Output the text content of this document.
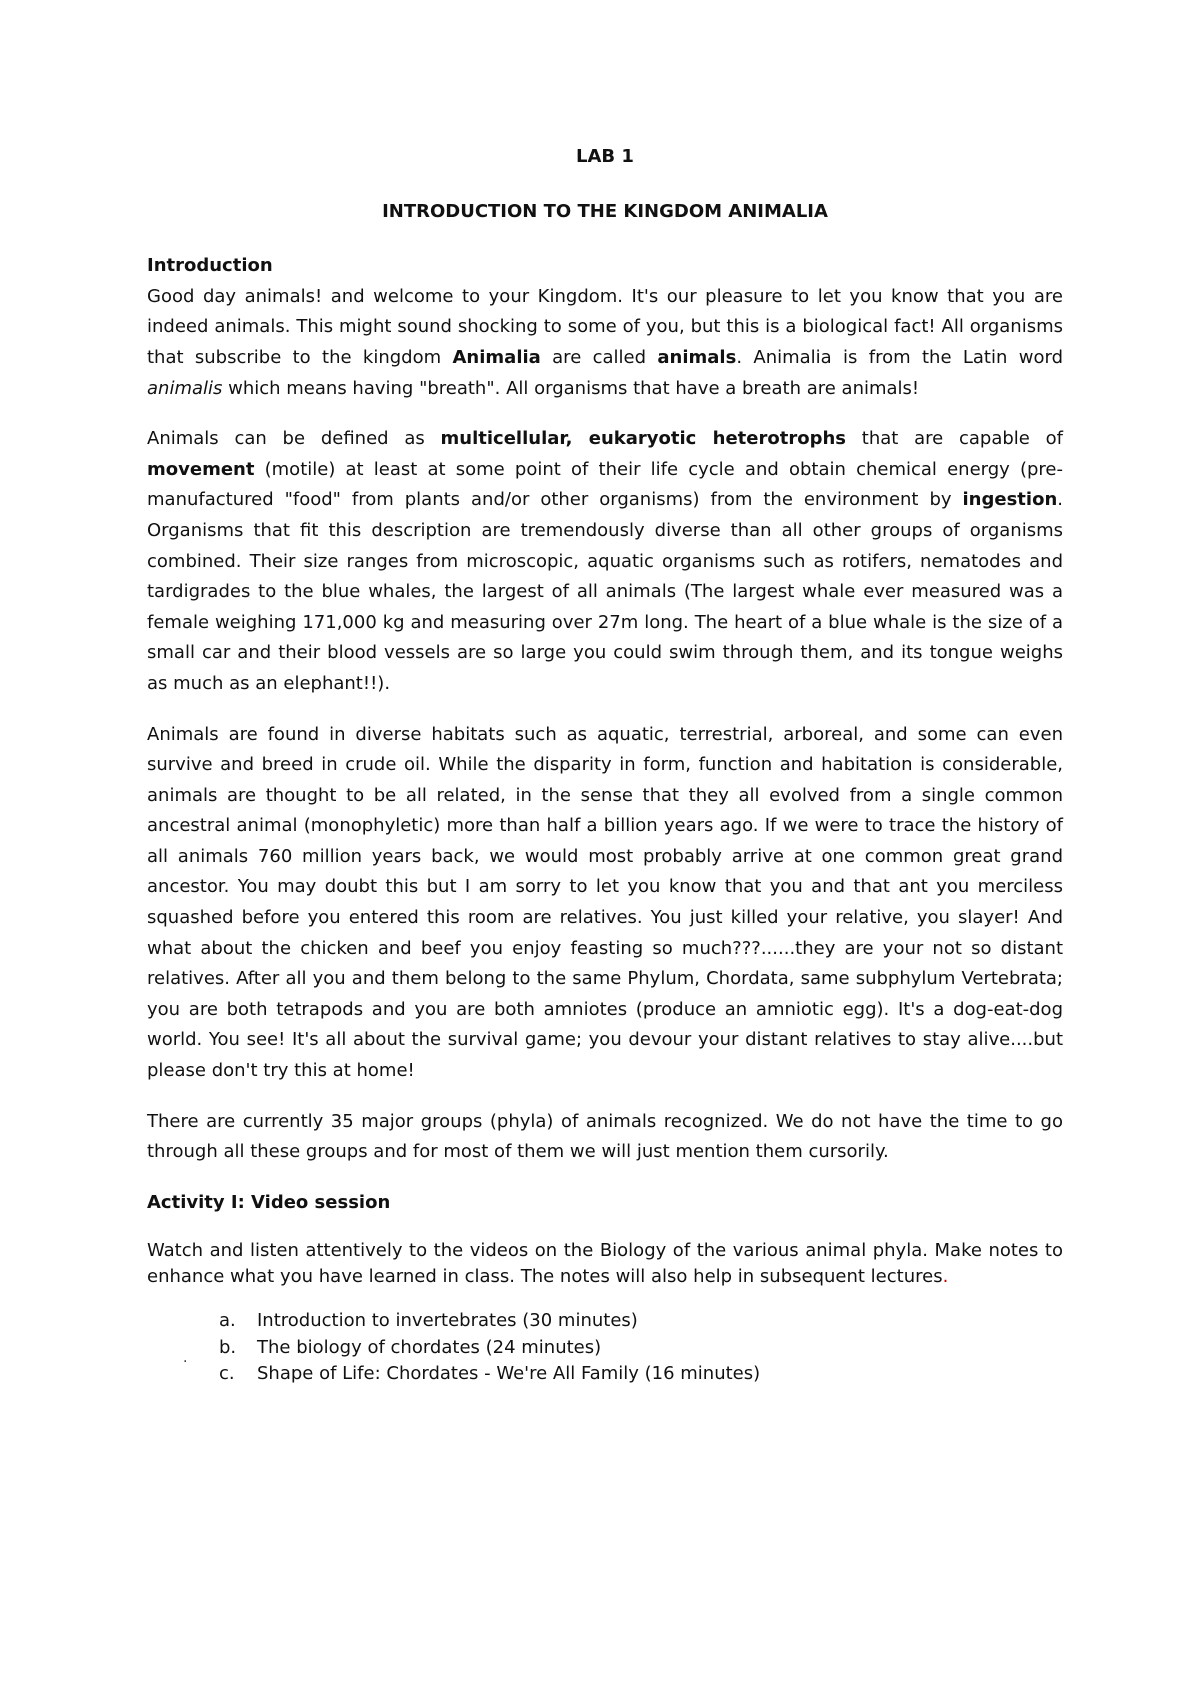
LAB 1
INTRODUCTION TO THE KINGDOM ANIMALIA
Introduction

Good day animals! and welcome to your Kingdom. It's our pleasure to let you know that you are indeed animals. This might sound shocking to some of you, but this is a biological fact! All organisms that subscribe to the kingdom Animalia are called animals. Animalia is from the Latin word animalis which means having "breath". All organisms that have a breath are animals!

Animals can be defined as multicellular, eukaryotic heterotrophs that are capable of movement (motile) at least at some point of their life cycle and obtain chemical energy (pre-manufactured "food" from plants and/or other organisms) from the environment by ingestion. Organisms that fit this description are tremendously diverse than all other groups of organisms combined. Their size ranges from microscopic, aquatic organisms such as rotifers, nematodes and tardigrades to the blue whales, the largest of all animals (The largest whale ever measured was a female weighing 171,000 kg and measuring over 27m long. The heart of a blue whale is the size of a small car and their blood vessels are so large you could swim through them, and its tongue weighs as much as an elephant!!).

Animals are found in diverse habitats such as aquatic, terrestrial, arboreal, and some can even survive and breed in crude oil. While the disparity in form, function and habitation is considerable, animals are thought to be all related, in the sense that they all evolved from a single common ancestral animal (monophyletic) more than half a billion years ago. If we were to trace the history of all animals 760 million years back, we would most probably arrive at one common great grand ancestor. You may doubt this but I am sorry to let you know that you and that ant you merciless squashed before you entered this room are relatives. You just killed your relative, you slayer! And what about the chicken and beef you enjoy feasting so much???......they are your not so distant relatives. After all you and them belong to the same Phylum, Chordata, same subphylum Vertebrata; you are both tetrapods and you are both amniotes (produce an amniotic egg). It's a dog-eat-dog world. You see! It's all about the survival game; you devour your distant relatives to stay alive....but please don't try this at home!

There are currently 35 major groups (phyla) of animals recognized. We do not have the time to go through all these groups and for most of them we will just mention them cursorily.

Activity I: Video session

Watch and listen attentively to the videos on the Biology of the various animal phyla. Make notes to enhance what you have learned in class. The notes will also help in subsequent lectures.

a.	Introduction to invertebrates (30 minutes)
b.	The biology of chordates (24 minutes)
c.	Shape of Life: Chordates - We're All Family (16 minutes)
.
